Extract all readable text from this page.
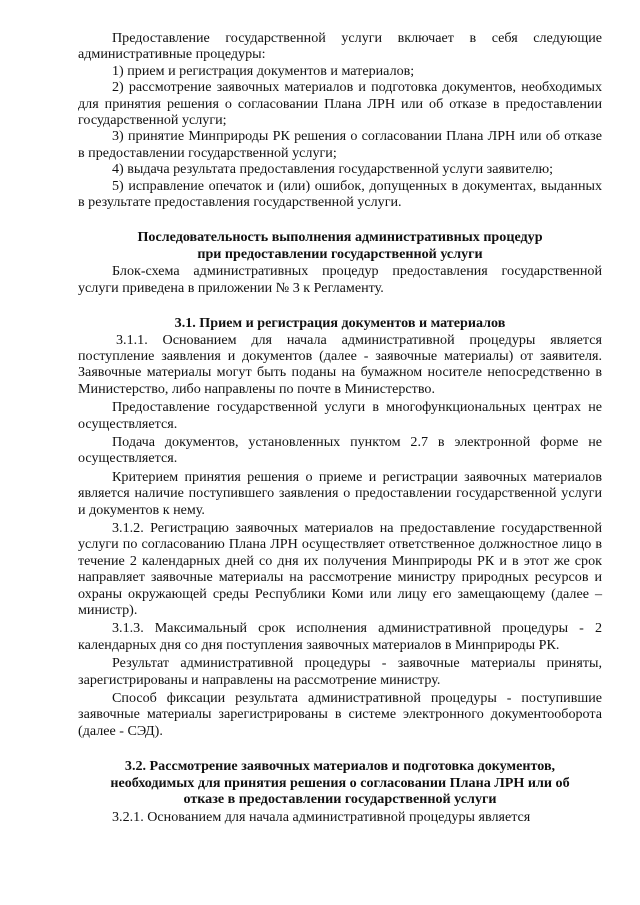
Предоставление государственной услуги включает в себя следующие административные процедуры:

1) прием и регистрация документов и материалов;

2) рассмотрение заявочных материалов и подготовка документов, необходимых для принятия решения о согласовании Плана ЛРН или об отказе в предоставлении государственной услуги;

3) принятие Минприроды РК решения о согласовании Плана ЛРН или об отказе в предоставлении государственной услуги;

4) выдача результата предоставления государственной услуги заявителю;

5) исправление опечаток и (или) ошибок, допущенных в документах, выданных в результате предоставления государственной услуги.

Последовательность выполнения административных процедур
при предоставлении государственной услуги

Блок-схема административных процедур предоставления государственной услуги приведена в приложении № 3 к Регламенту.

3.1. Прием и регистрация документов и материалов

3.1.1. Основанием для начала административной процедуры является поступление заявления и документов (далее - заявочные материалы) от заявителя. Заявочные материалы могут быть поданы на бумажном носителе непосредственно в Министерство, либо направлены по почте в Министерство.

Предоставление государственной услуги в многофункциональных центрах не осуществляется.

Подача документов, установленных пунктом 2.7 в электронной форме не осуществляется.

Критерием принятия решения о приеме и регистрации заявочных материалов является наличие поступившего заявления о предоставлении государственной услуги и документов к нему.

3.1.2. Регистрацию заявочных материалов на предоставление государственной услуги по согласованию Плана ЛРН осуществляет ответственное должностное лицо в течение 2 календарных дней со дня их получения Минприроды РК и в этот же срок направляет заявочные материалы на рассмотрение министру природных ресурсов и охраны окружающей среды Республики Коми или лицу его замещающему (далее – министр).

3.1.3. Максимальный срок исполнения административной процедуры - 2 календарных дня со дня поступления заявочных материалов в Минприроды РК.

Результат административной процедуры - заявочные материалы приняты, зарегистрированы и направлены на рассмотрение министру.

Способ фиксации результата административной процедуры - поступившие заявочные материалы зарегистрированы в системе электронного документооборота (далее - СЭД).

3.2. Рассмотрение заявочных материалов и подготовка документов,
необходимых для принятия решения о согласовании Плана ЛРН или об
отказе в предоставлении государственной услуги

3.2.1. Основанием для начала административной процедуры является
